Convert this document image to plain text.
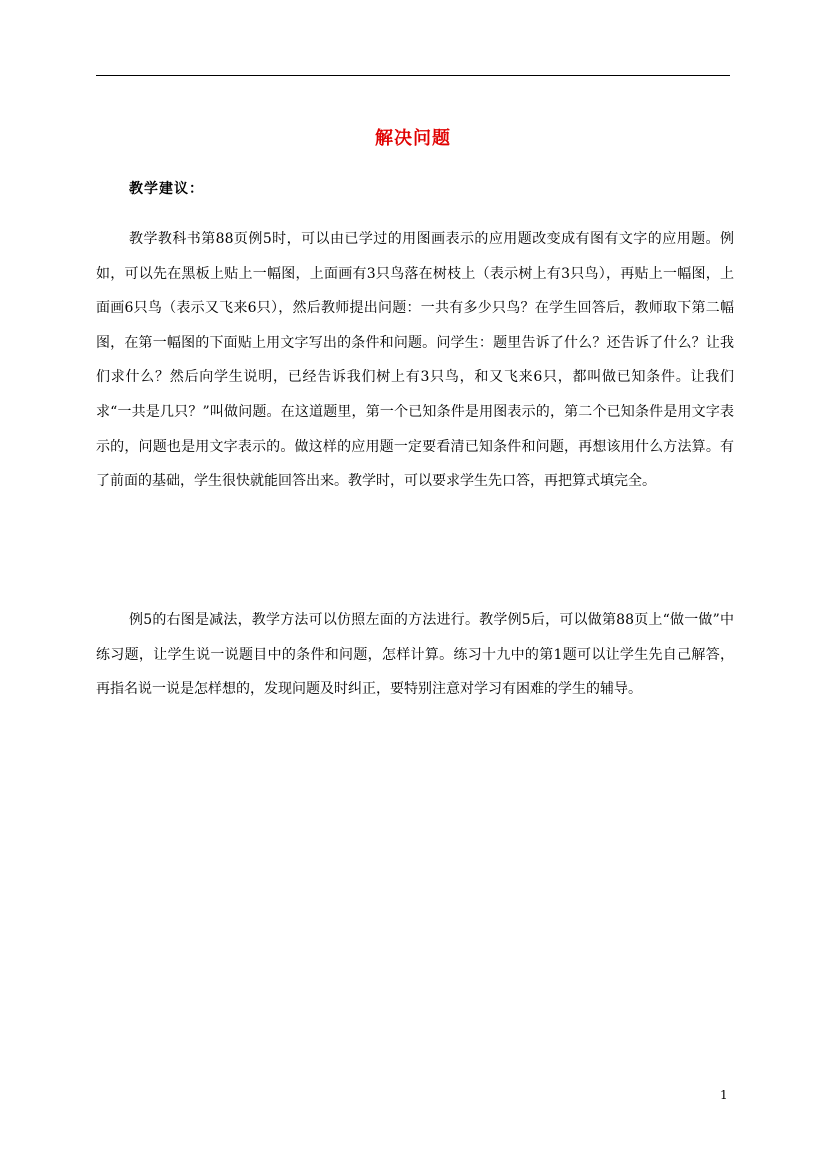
解决问题
教学建议：

教学教科书第88页例5时，可以由已学过的用图画表示的应用题改变成有图有文字的应用题。例如，可以先在黑板上贴上一幅图，上面画有3只鸟落在树枝上（表示树上有3只鸟），再贴上一幅图，上面画6只鸟（表示又飞来6只），然后教师提出问题：一共有多少只鸟？在学生回答后，教师取下第二幅图，在第一幅图的下面贴上用文字写出的条件和问题。问学生：题里告诉了什么？还告诉了什么？让我们求什么？然后向学生说明，已经告诉我们树上有3只鸟，和又飞来6只，都叫做已知条件。让我们求“一共是几只？”叫做问题。在这道题里，第一个已知条件是用图表示的，第二个已知条件是用文字表示的，问题也是用文字表示的。做这样的应用题一定要看清已知条件和问题，再想该用什么方法算。有了前面的基础，学生很快就能回答出来。教学时，可以要求学生先口答，再把算式填完全。

例5的右图是减法，教学方法可以仿照左面的方法进行。教学例5后，可以做第88页上“做一做”中练习题，让学生说一说题目中的条件和问题，怎样计算。练习十九中的第1题可以让学生先自己解答，再指名说一说是怎样想的，发现问题及时纠正，要特别注意对学习有困难的学生的辅导。

1
